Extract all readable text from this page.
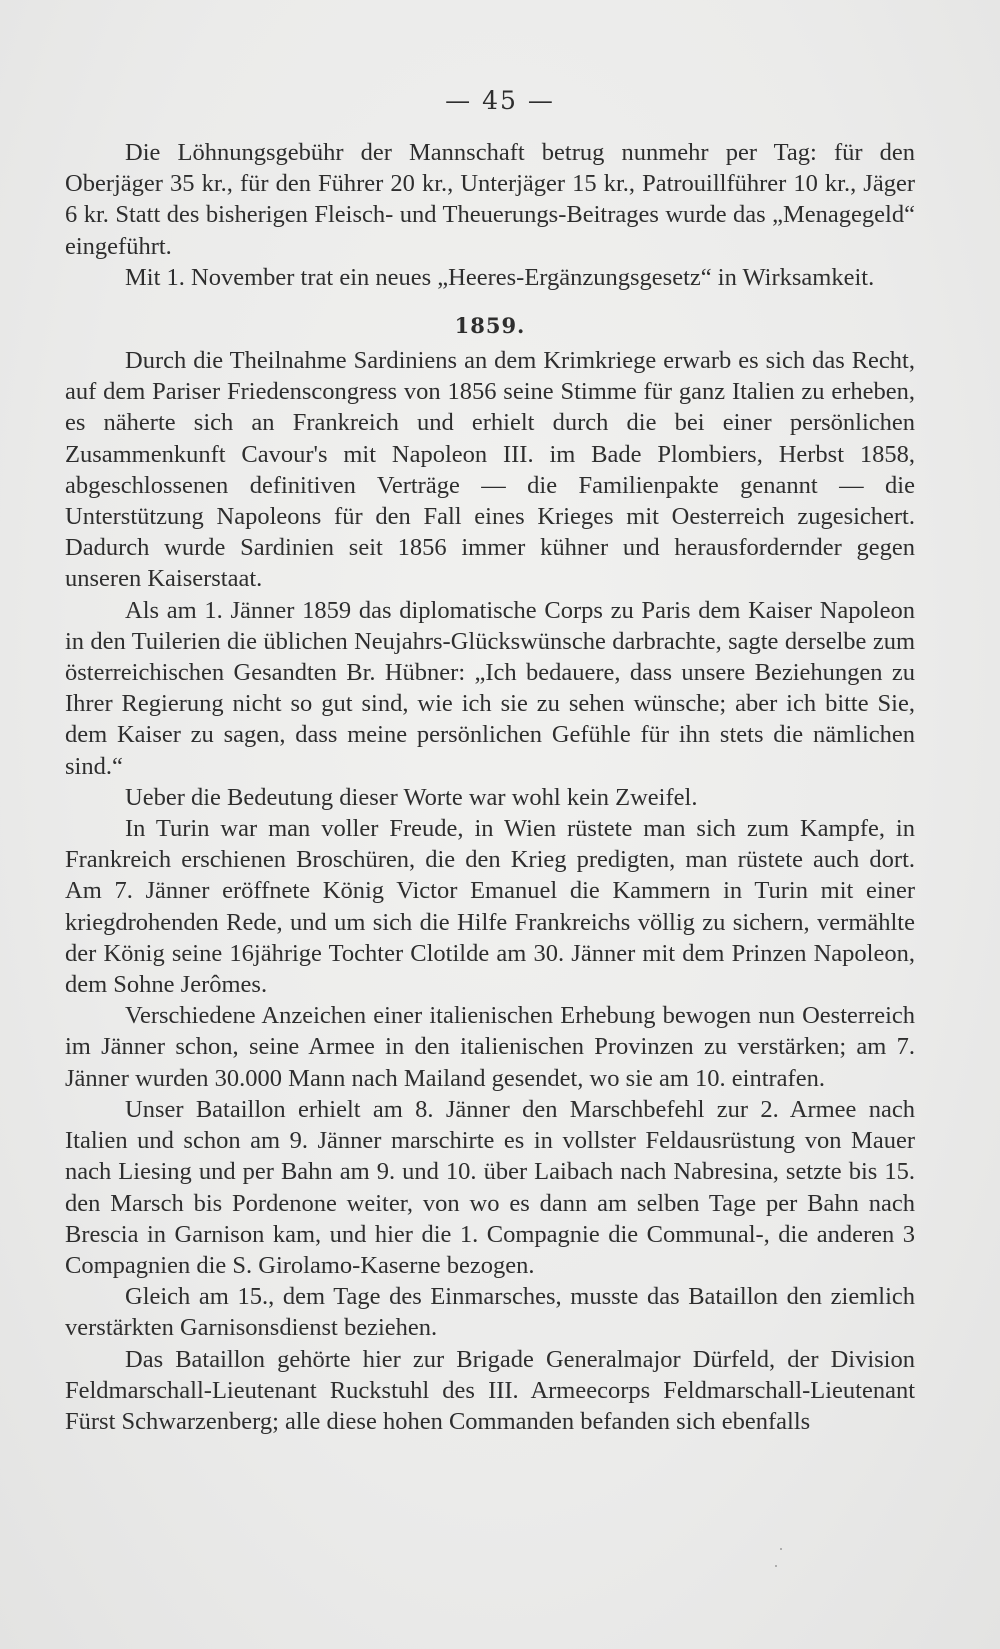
— 45 —

Die Löhnungsgebühr der Mannschaft betrug nunmehr per Tag: für den Oberjäger 35 kr., für den Führer 20 kr., Unterjäger 15 kr., Patrouillführer 10 kr., Jäger 6 kr. Statt des bisherigen Fleisch- und Theuerungs-Beitrages wurde das „Menagegeld“ eingeführt.

Mit 1. November trat ein neues „Heeres-Ergänzungsgesetz“ in Wirksamkeit.

1859.

Durch die Theilnahme Sardiniens an dem Krimkriege erwarb es sich das Recht, auf dem Pariser Friedenscongress von 1856 seine Stimme für ganz Italien zu erheben, es näherte sich an Frankreich und erhielt durch die bei einer persönlichen Zusammenkunft Cavour's mit Napoleon III. im Bade Plombiers, Herbst 1858, abgeschlossenen definitiven Verträge — die Familienpakte genannt — die Unterstützung Napoleons für den Fall eines Krieges mit Oesterreich zugesichert. Dadurch wurde Sardinien seit 1856 immer kühner und herausfordernder gegen unseren Kaiserstaat.

Als am 1. Jänner 1859 das diplomatische Corps zu Paris dem Kaiser Napoleon in den Tuilerien die üblichen Neujahrs-Glückswünsche darbrachte, sagte derselbe zum österreichischen Gesandten Br. Hübner: „Ich bedauere, dass unsere Beziehungen zu Ihrer Regierung nicht so gut sind, wie ich sie zu sehen wünsche; aber ich bitte Sie, dem Kaiser zu sagen, dass meine persönlichen Gefühle für ihn stets die nämlichen sind.“

Ueber die Bedeutung dieser Worte war wohl kein Zweifel.

In Turin war man voller Freude, in Wien rüstete man sich zum Kampfe, in Frankreich erschienen Broschüren, die den Krieg predigten, man rüstete auch dort. Am 7. Jänner eröffnete König Victor Emanuel die Kammern in Turin mit einer kriegdrohenden Rede, und um sich die Hilfe Frankreichs völlig zu sichern, vermählte der König seine 16jährige Tochter Clotilde am 30. Jänner mit dem Prinzen Napoleon, dem Sohne Jerômes.

Verschiedene Anzeichen einer italienischen Erhebung bewogen nun Oesterreich im Jänner schon, seine Armee in den italienischen Provinzen zu verstärken; am 7. Jänner wurden 30.000 Mann nach Mailand gesendet, wo sie am 10. eintrafen.

Unser Bataillon erhielt am 8. Jänner den Marschbefehl zur 2. Armee nach Italien und schon am 9. Jänner marschirte es in vollster Feldausrüstung von Mauer nach Liesing und per Bahn am 9. und 10. über Laibach nach Nabresina, setzte bis 15. den Marsch bis Pordenone weiter, von wo es dann am selben Tage per Bahn nach Brescia in Garnison kam, und hier die 1. Compagnie die Communal-, die anderen 3 Compagnien die S. Girolamo-Kaserne bezogen.

Gleich am 15., dem Tage des Einmarsches, musste das Bataillon den ziemlich verstärkten Garnisonsdienst beziehen.

Das Bataillon gehörte hier zur Brigade Generalmajor Dürfeld, der Division Feldmarschall-Lieutenant Ruckstuhl des III. Armeecorps Feldmarschall-Lieutenant Fürst Schwarzenberg; alle diese hohen Commanden befanden sich ebenfalls
